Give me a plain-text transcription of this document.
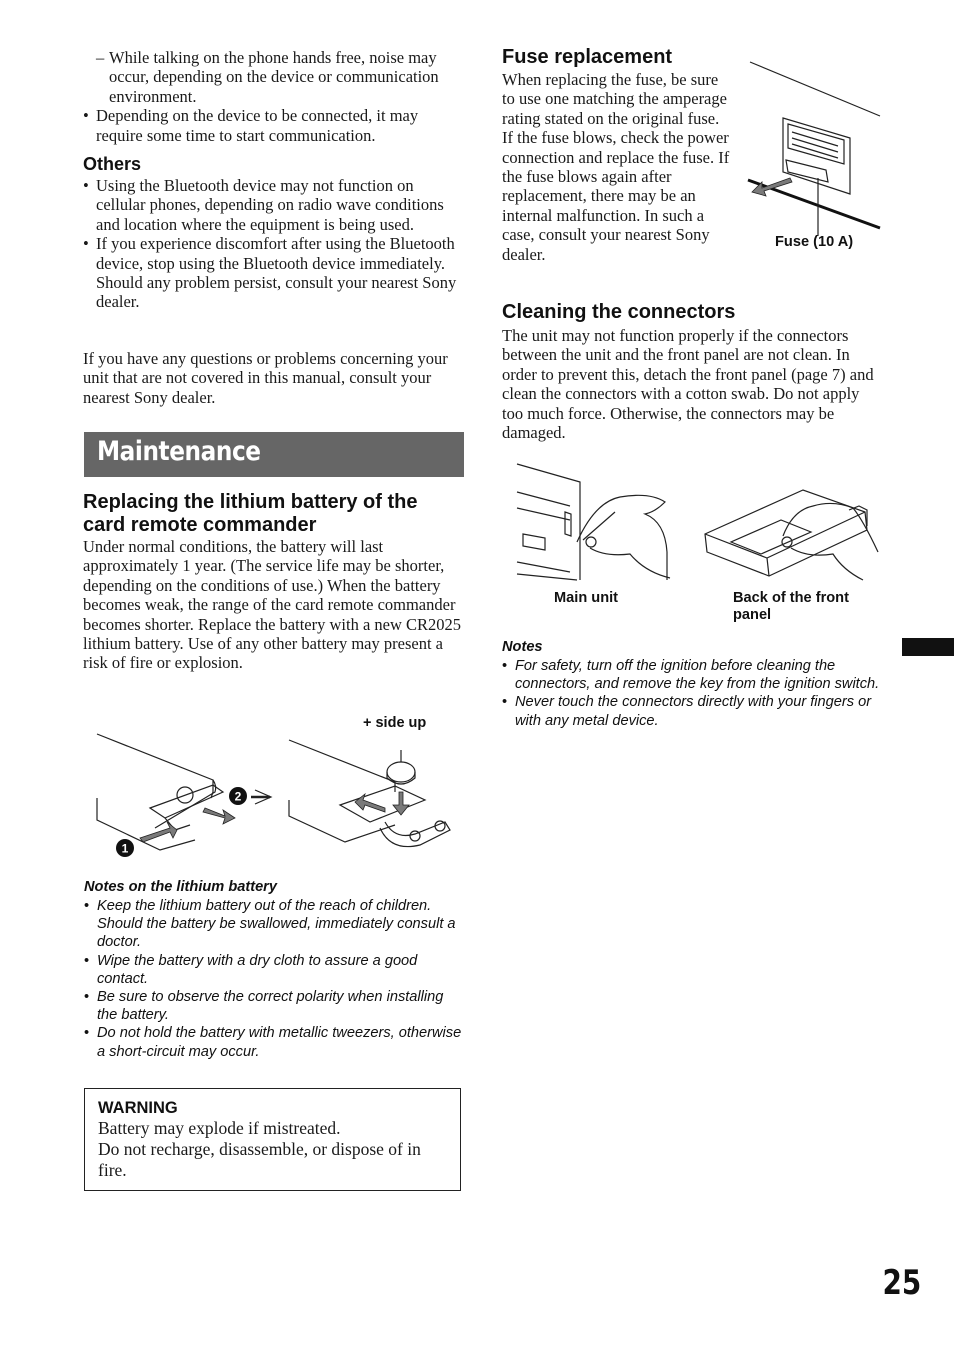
– While talking on the phone hands free, noise may occur, depending on the device or communication environment.

• Depending on the device to be connected, it may require some time to start communication.

Others
• Using the Bluetooth device may not function on cellular phones, depending on radio wave conditions and location where the equipment is being used.

• If you experience discomfort after using the Bluetooth device, stop using the Bluetooth device immediately. Should any problem persist, consult your nearest Sony dealer.

If you have any questions or problems concerning your unit that are not covered in this manual, consult your nearest Sony dealer.

Maintenance
Replacing the lithium battery of the card remote commander

Under normal conditions, the battery will last approximately 1 year. (The service life may be shorter, depending on the conditions of use.) When the battery becomes weak, the range of the card remote commander becomes shorter. Replace the battery with a new CR2025 lithium battery. Use of any other battery may present a risk of fire or explosion.

+ side up
1
2
Notes on the lithium battery
• Keep the lithium battery out of the reach of children. Should the battery be swallowed, immediately consult a doctor.

• Wipe the battery with a dry cloth to assure a good contact.

• Be sure to observe the correct polarity when installing the battery.

• Do not hold the battery with metallic tweezers, otherwise a short-circuit may occur.

WARNING

Battery may explode if mistreated.

Do not recharge, disassemble, or dispose of in fire.

Fuse replacement

When replacing the fuse, be sure to use one matching the amperage rating stated on the original fuse. If the fuse blows, check the power connection and replace the fuse. If the fuse blows again after replacement, there may be an internal malfunction. In such a case, consult your nearest Sony dealer.

Fuse (10 A)
Cleaning the connectors

The unit may not function properly if the connectors between the unit and the front panel are not clean. In order to prevent this, detach the front panel (page 7) and clean the connectors with a cotton swab. Do not apply too much force. Otherwise, the connectors may be damaged.

Main unit	Back of the front panel
Notes
• For safety, turn off the ignition before cleaning the connectors, and remove the key from the ignition switch.

• Never touch the connectors directly with your fingers or with any metal device.

25
